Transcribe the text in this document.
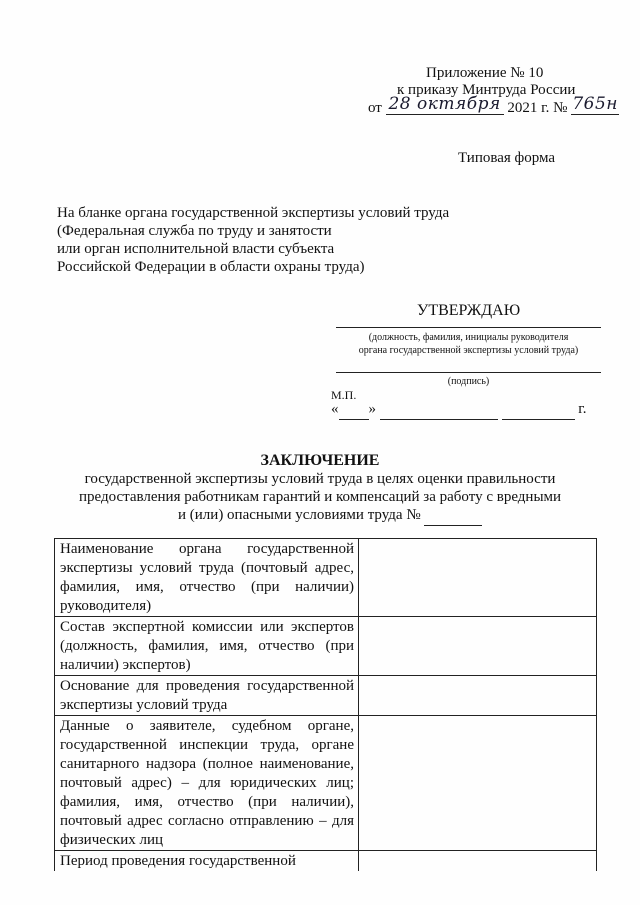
Приложение № 10
к приказу Минтруда России
от 28 октября 2021 г. № 765н
Типовая форма
На бланке органа государственной экспертизы условий труда
(Федеральная служба по труду и занятости
или орган исполнительной власти субъекта
Российской Федерации в области охраны труда)
УТВЕРЖДАЮ
(должность, фамилия, инициалы руководителя
органа государственной экспертизы условий труда)
(подпись)
М.П.
« »	г.
ЗАКЛЮЧЕНИЕ
государственной экспертизы условий труда в целях оценки правильности
предоставления работникам гарантий и компенсаций за работу с вредными
и (или) опасными условиями труда №
Наименование органа государственной экспертизы условий труда (почтовый адрес, фамилия, имя, отчество (при наличии) руководителя)	
Состав экспертной комиссии или экспертов (должность, фамилия, имя, отчество (при наличии) экспертов)	
Основание для проведения государственной экспертизы условий труда	
Данные о заявителе, судебном органе, государственной инспекции труда, органе санитарного надзора (полное наименование, почтовый адрес) – для юридических лиц; фамилия, имя, отчество (при наличии), почтовый адрес согласно отправлению – для физических лиц	
Период проведения государственной	
